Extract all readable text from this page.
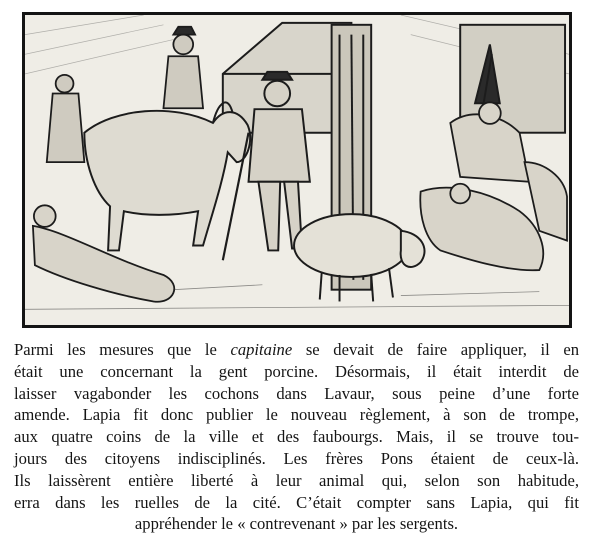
Parmi les mesures que le capitaine se devait de faire appliquer, il en
était une concernant la gent porcine. Désormais, il était interdit de
laisser vagabonder les cochons dans Lavaur, sous peine d’une forte
amende. Lapia fit donc publier le nouveau règlement, à son de trompe,
aux quatre coins de la ville et des faubourgs. Mais, il se trouve tou-
jours des citoyens indisciplinés. Les frères Pons étaient de ceux-là.
Ils laissèrent entière liberté à leur animal qui, selon son habitude,
erra dans les ruelles de la cité. C’était compter sans Lapia, qui fit
appréhender le « contrevenant » par les sergents.
